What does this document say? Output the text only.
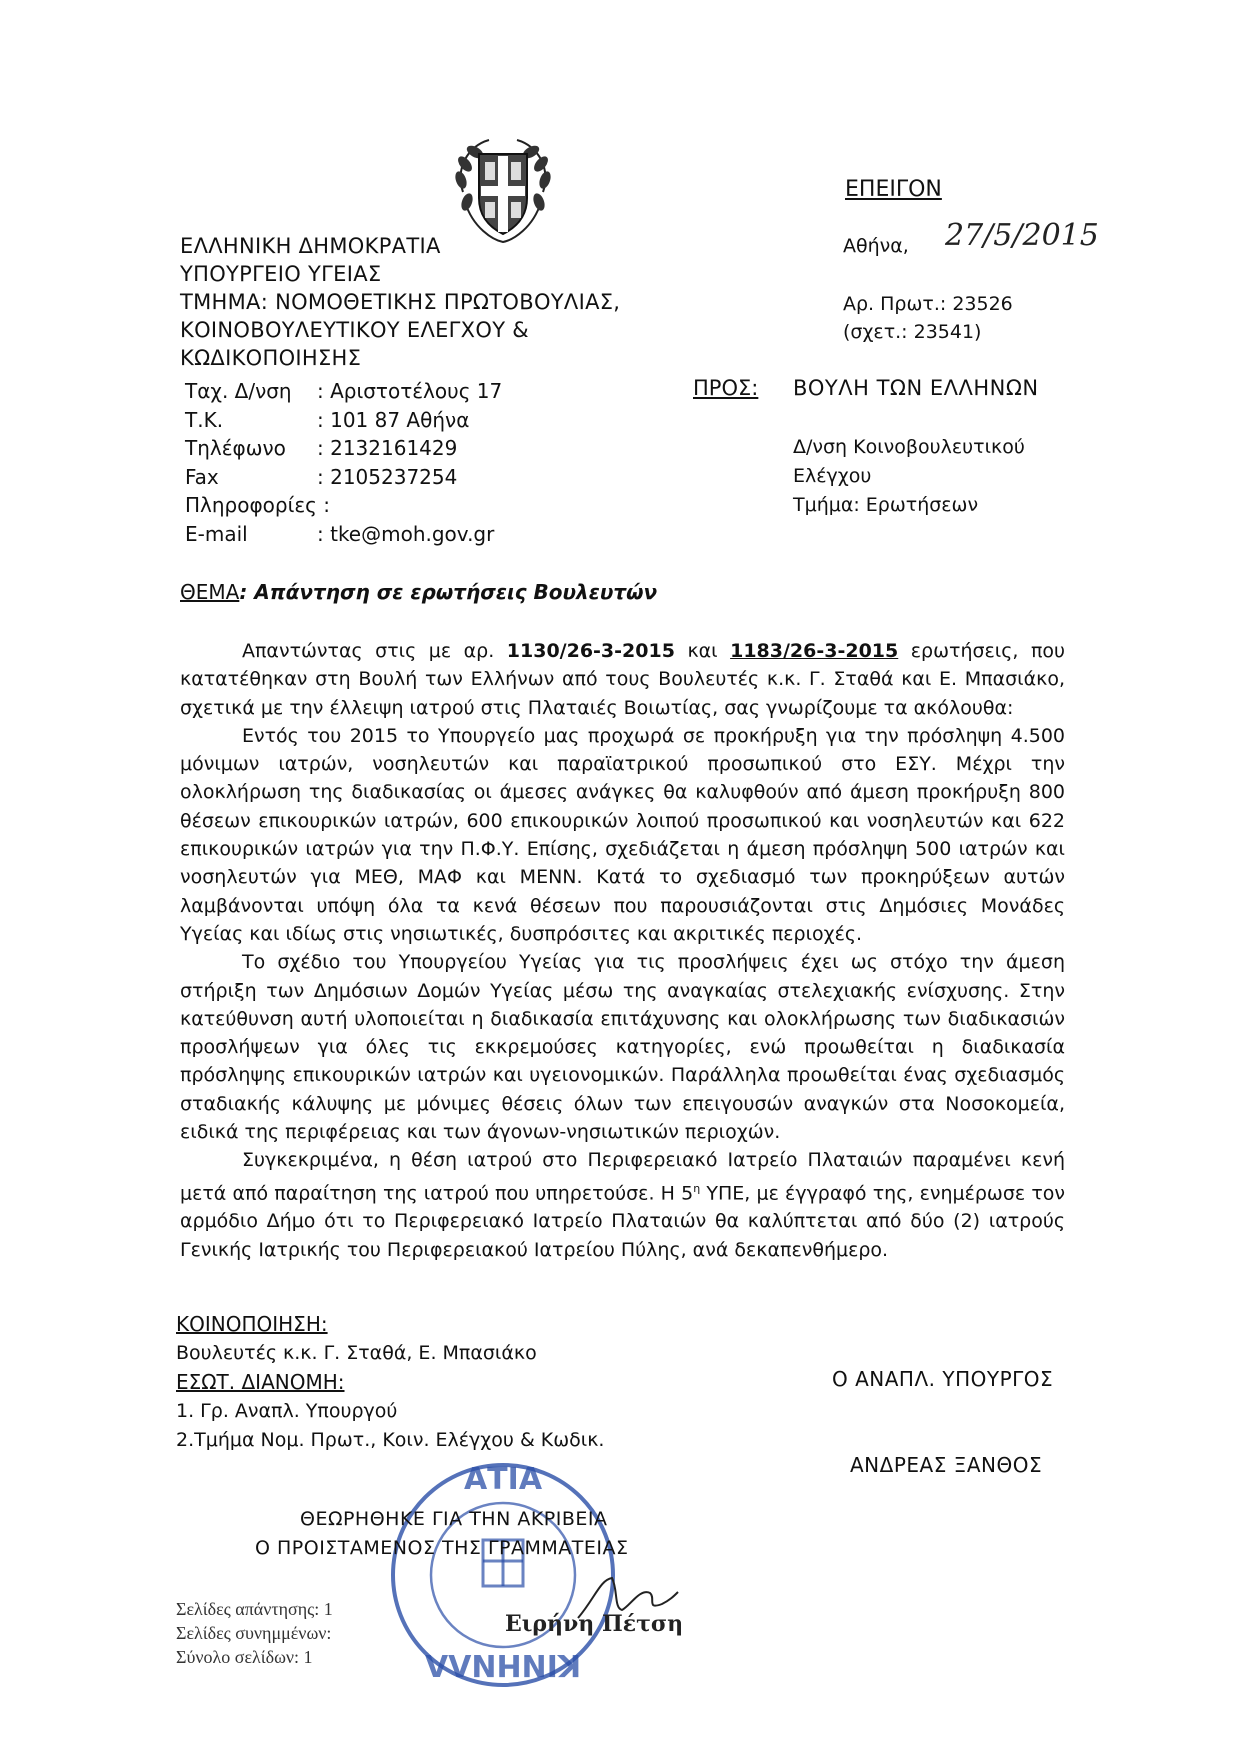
ΕΛΛΗΝΙΚΗ ΔΗΜΟΚΡΑΤΙΑ
ΥΠΟΥΡΓΕΙΟ ΥΓΕΙΑΣ
ΤΜΗΜΑ: ΝΟΜΟΘΕΤΙΚΗΣ ΠΡΩΤΟΒΟΥΛΙΑΣ,
ΚΟΙΝΟΒΟΥΛΕΥΤΙΚΟΥ ΕΛΕΓΧΟΥ &
ΚΩΔΙΚΟΠΟΙΗΣΗΣ
Ταχ. Δ/νση : Αριστοτέλους 17
Τ.Κ.	: 101 87 Αθήνα
Τηλέφωνο : 2132161429
Fax	: 2105237254
Πληροφορίες :
E-mail	: tke@moh.gov.gr
ΕΠΕΙΓΟΝ
Αθήνα, 27/5/2015
Αρ. Πρωτ.: 23526
(σχετ.: 23541)
ΠΡΟΣ: ΒΟΥΛΗ ΤΩΝ ΕΛΛΗΝΩΝ
Δ/νση Κοινοβουλευτικού
Ελέγχου
Τμήμα: Ερωτήσεων
ΘΕΜΑ: Απάντηση σε ερωτήσεις Βουλευτών

Απαντώντας στις με αρ. 1130/26-3-2015 και 1183/26-3-2015 ερωτήσεις, που κατατέθηκαν στη Βουλή των Ελλήνων από τους Βουλευτές κ.κ. Γ. Σταθά και Ε. Μπασιάκο, σχετικά με την έλλειψη ιατρού στις Πλαταιές Βοιωτίας, σας γνωρίζουμε τα ακόλουθα:

Εντός του 2015 το Υπουργείο μας προχωρά σε προκήρυξη για την πρόσληψη 4.500 μόνιμων ιατρών, νοσηλευτών και παραϊατρικού προσωπικού στο ΕΣΥ. Μέχρι την ολοκλήρωση της διαδικασίας οι άμεσες ανάγκες θα καλυφθούν από άμεση προκήρυξη 800 θέσεων επικουρικών ιατρών, 600 επικουρικών λοιπού προσωπικού και νοσηλευτών και 622 επικουρικών ιατρών για την Π.Φ.Υ. Επίσης, σχεδιάζεται η άμεση πρόσληψη 500 ιατρών και νοσηλευτών για ΜΕΘ, ΜΑΦ και ΜΕΝΝ. Κατά το σχεδιασμό των προκηρύξεων αυτών λαμβάνονται υπόψη όλα τα κενά θέσεων που παρουσιάζονται στις Δημόσιες Μονάδες Υγείας και ιδίως στις νησιωτικές, δυσπρόσιτες και ακριτικές περιοχές.

Το σχέδιο του Υπουργείου Υγείας για τις προσλήψεις έχει ως στόχο την άμεση στήριξη των Δημόσιων Δομών Υγείας μέσω της αναγκαίας στελεχιακής ενίσχυσης. Στην κατεύθυνση αυτή υλοποιείται η διαδικασία επιτάχυνσης και ολοκλήρωσης των διαδικασιών προσλήψεων για όλες τις εκκρεμούσες κατηγορίες, ενώ προωθείται η διαδικασία πρόσληψης επικουρικών ιατρών και υγειονομικών. Παράλληλα προωθείται ένας σχεδιασμός σταδιακής κάλυψης με μόνιμες θέσεις όλων των επειγουσών αναγκών στα Νοσοκομεία, ειδικά της περιφέρειας και των άγονων-νησιωτικών περιοχών.

Συγκεκριμένα, η θέση ιατρού στο Περιφερειακό Ιατρείο Πλαταιών παραμένει κενή μετά από παραίτηση της ιατρού που υπηρετούσε. Η $5^\eta$ ΥΠΕ, με έγγραφό της, ενημέρωσε τον αρμόδιο Δήμο ότι το Περιφερειακό Ιατρείο Πλαταιών θα καλύπτεται από δύο (2) ιατρούς Γενικής Ιατρικής του Περιφερειακού Ιατρείου Πύλης, ανά δεκαπενθήμερο.

ΚΟΙΝΟΠΟΙΗΣΗ:
Βουλευτές κ.κ. Γ. Σταθά, Ε. Μπασιάκο
ΕΣΩΤ. ΔΙΑΝΟΜΗ:
1. Γρ. Αναπλ. Υπουργού
2.Τμήμα Νομ. Πρωτ., Κοιν. Ελέγχου & Κωδικ.
Ο ΑΝΑΠΛ. ΥΠΟΥΡΓΟΣ
ΑΝΔΡΕΑΣ ΞΑΝΘΟΣ
ΑΤΙΑ
ΚΙΝΗΝΛΛ
ΘΕΩΡΗΘΗΚΕ ΓΙΑ ΤΗΝ ΑΚΡΙΒΕΙΑ
Ο ΠΡΟΙΣΤΑΜΕΝΟΣ ΤΗΣ ΓΡΑΜΜΑΤΕΙΑΣ
Ειρήνη Πέτση
Σελίδες απάντησης: 1
Σελίδες συνημμένων:
Σύνολο σελίδων: 1
